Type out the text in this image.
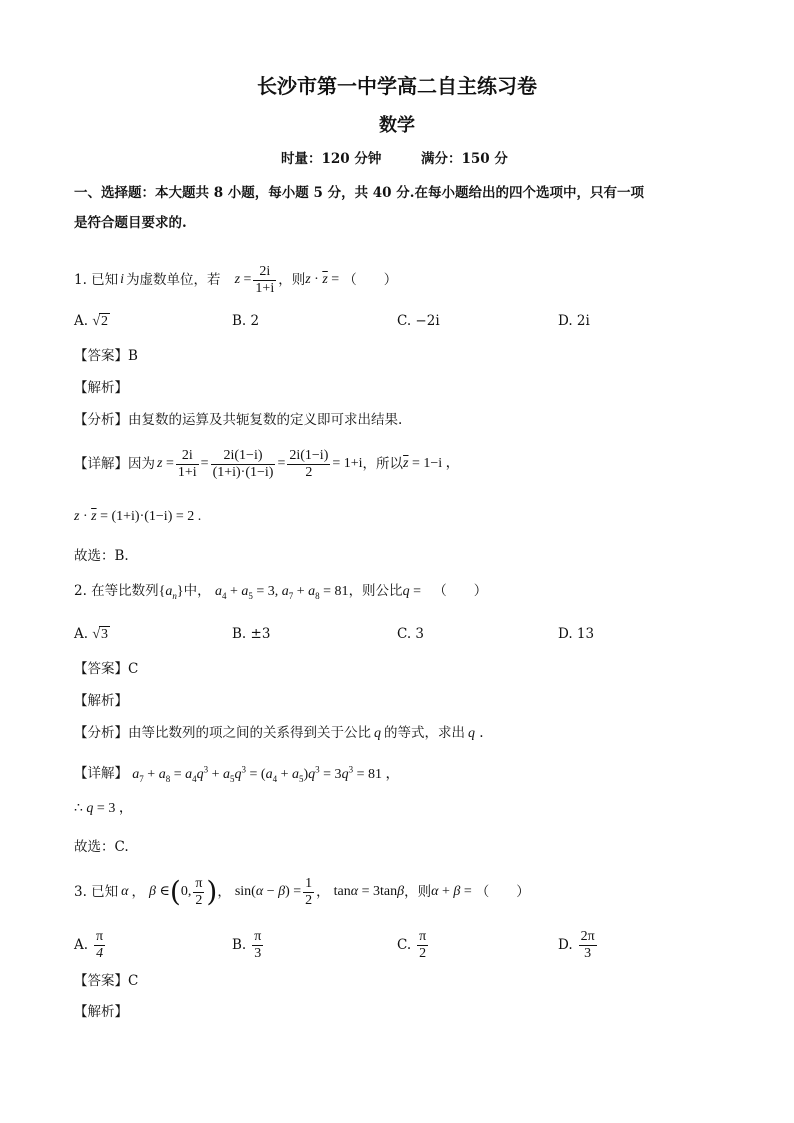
长沙市第一中学高二自主练习卷
数学
时量：120 分钟	满分：150 分
一、选择题：本大题共 8 小题，每小题 5 分，共 40 分.在每小题给出的四个选项中，只有一项
是符合题目要求的.
1. 已知 i 为虚数单位，若 $z = \frac{2i}{1+i}$ ，则 $z \cdot \overline{z}$ = （　　）
A. √2	B. 2	C. −2i	D. 2i
【答案】B
【解析】
【分析】由复数的运算及共轭复数的定义即可求出结果.
【详解】因为 $z = \frac{2i}{1+i} = \frac{2i(1-i)}{(1+i)\cdot(1-i)} = \frac{2i(1-i)}{2} = 1+i$ ，所以 $\overline{z} = 1-i$ ，
$z \cdot \overline{z} = (1+i)\cdot(1-i) = 2$ .
故选：B.
2. 在等比数列$\{a_n\}$中， $a_4 + a_5 = 3$, $a_7 + a_8 = 81$，则公比q = （　　）
A. √3	B. ±3	C. 3	D. 13
【答案】C
【解析】
【分析】由等比数列的项之间的关系得到关于公比 q 的等式，求出 q .
【详解】 $a_7 + a_8 = a_4q^3 + a_5q^3 = (a_4 + a_5)q^3 = 3q^3 = 81$ ，
∴ q = 3 ，
故选：C.
3. 已知 α ， β ∈ ( 0, $\frac{\pi}{2}$ ) ， $\sin(\alpha - \beta) = \frac{1}{2}$ ， tanα = 3tanβ ，则 α + β = （　　）
A. $\frac{\pi}{4}$	B. $\frac{\pi}{3}$	C. $\frac{\pi}{2}$	D. $\frac{2\pi}{3}$
【答案】C
【解析】
